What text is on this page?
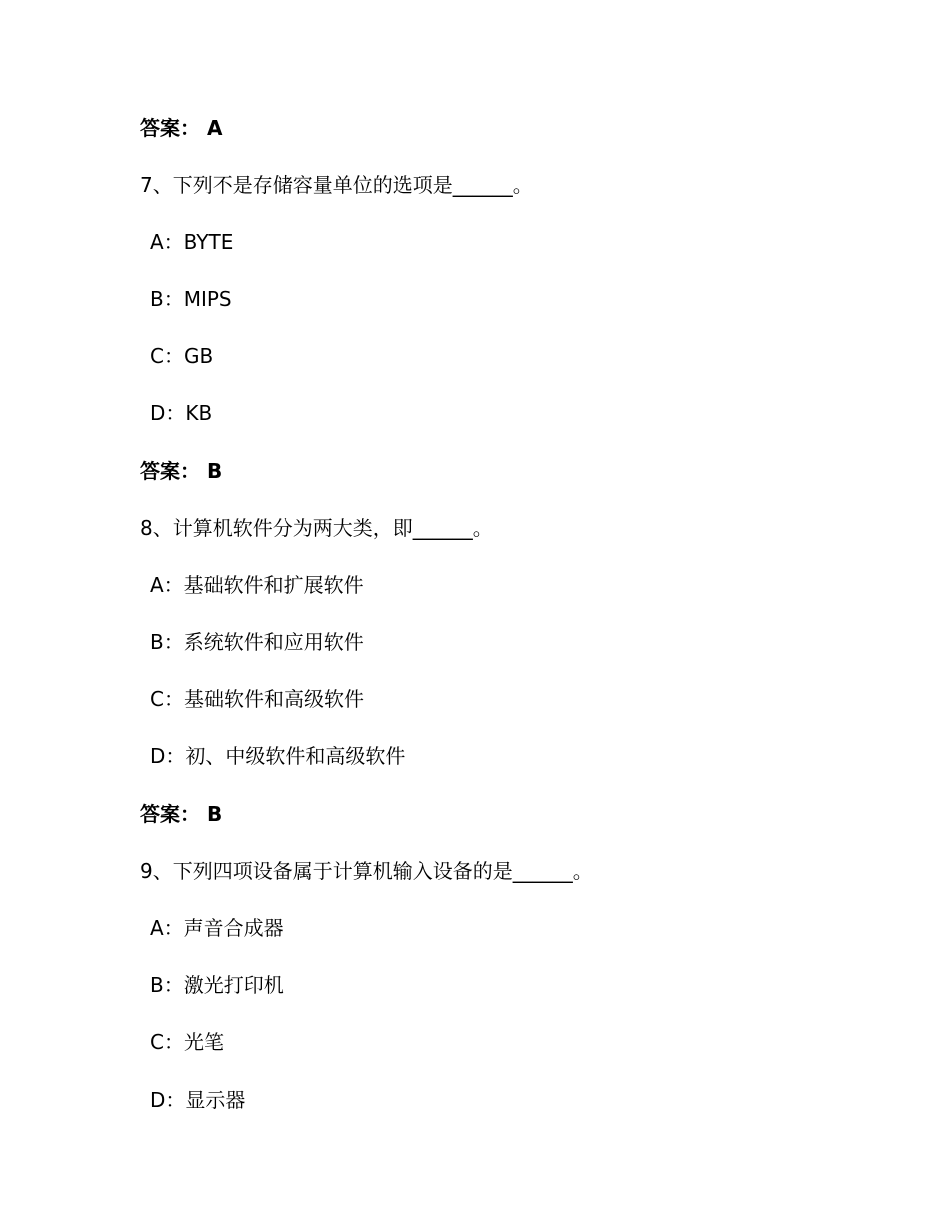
答案： A
7、下列不是存储容量单位的选项是______。
A：BYTE
B：MIPS
C：GB
D：KB
答案： B
8、计算机软件分为两大类，即______。
A：基础软件和扩展软件
B：系统软件和应用软件
C：基础软件和高级软件
D：初、中级软件和高级软件
答案： B
9、下列四项设备属于计算机输入设备的是______。
A：声音合成器
B：激光打印机
C：光笔
D：显示器
